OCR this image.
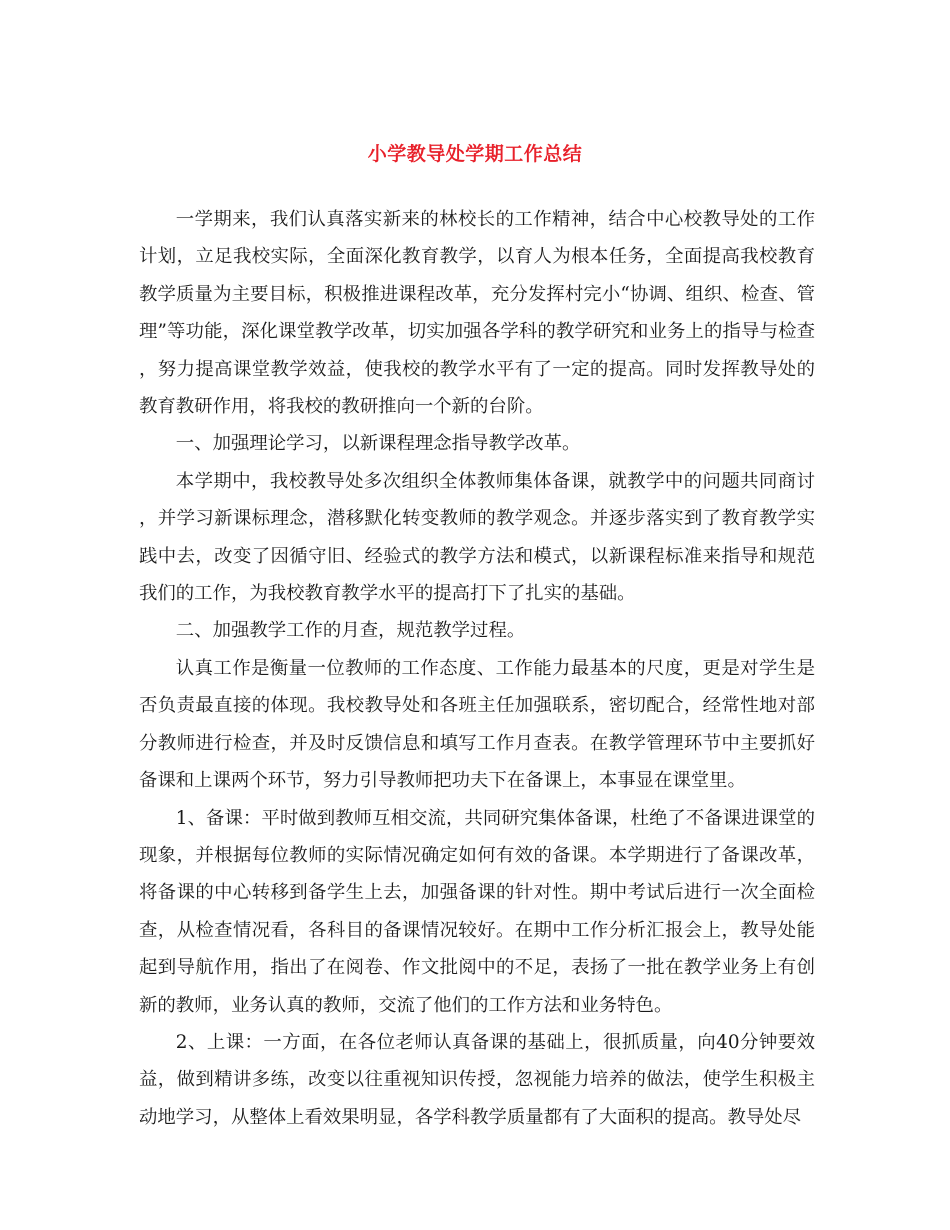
小学教导处学期工作总结

一学期来，我们认真落实新来的林校长的工作精神，结合中心校教导处的工作计划，立足我校实际，全面深化教育教学，以育人为根本任务，全面提高我校教育教学质量为主要目标，积极推进课程改革，充分发挥村完小“协调、组织、检查、管理”等功能，深化课堂教学改革，切实加强各学科的教学研究和业务上的指导与检查，努力提高课堂教学效益，使我校的教学水平有了一定的提高。同时发挥教导处的教育教研作用，将我校的教研推向一个新的台阶。

一、加强理论学习，以新课程理念指导教学改革。

本学期中，我校教导处多次组织全体教师集体备课，就教学中的问题共同商讨，并学习新课标理念，潜移默化转变教师的教学观念。并逐步落实到了教育教学实践中去，改变了因循守旧、经验式的教学方法和模式，以新课程标准来指导和规范我们的工作，为我校教育教学水平的提高打下了扎实的基础。

二、加强教学工作的月查，规范教学过程。

认真工作是衡量一位教师的工作态度、工作能力最基本的尺度，更是对学生是否负责最直接的体现。我校教导处和各班主任加强联系，密切配合，经常性地对部分教师进行检查，并及时反馈信息和填写工作月查表。在教学管理环节中主要抓好备课和上课两个环节，努力引导教师把功夫下在备课上，本事显在课堂里。

1、备课：平时做到教师互相交流，共同研究集体备课，杜绝了不备课进课堂的现象，并根据每位教师的实际情况确定如何有效的备课。本学期进行了备课改革，将备课的中心转移到备学生上去，加强备课的针对性。期中考试后进行一次全面检查，从检查情况看，各科目的备课情况较好。在期中工作分析汇报会上，教导处能起到导航作用，指出了在阅卷、作文批阅中的不足，表扬了一批在教学业务上有创新的教师，业务认真的教师，交流了他们的工作方法和业务特色。

2、上课：一方面，在各位老师认真备课的基础上，很抓质量，向40分钟要效益，做到精讲多练，改变以往重视知识传授，忽视能力培养的做法，使学生积极主动地学习，从整体上看效果明显，各学科教学质量都有了大面积的提高。教导处尽
